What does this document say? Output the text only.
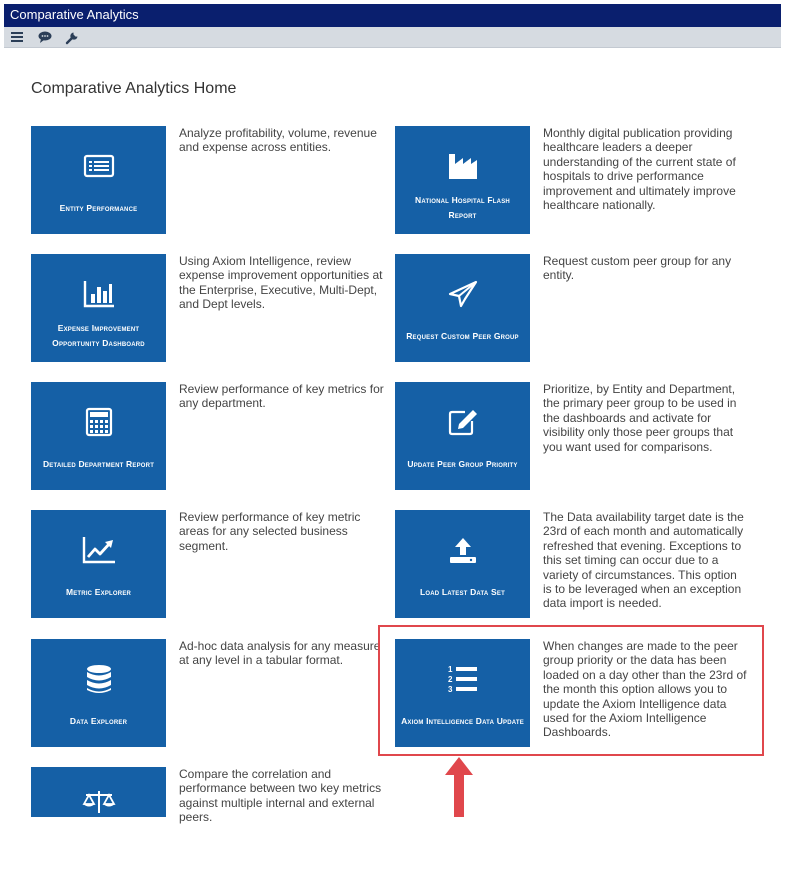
Comparative Analytics
Comparative Analytics Home
Entity Performance
Analyze profitability, volume, revenue and expense across entities.
National Hospital Flash Report
Monthly digital publication providing healthcare leaders a deeper understanding of the current state of hospitals to drive performance improvement and ultimately improve healthcare nationally.
Expense Improvement Opportunity Dashboard
Using Axiom Intelligence, review expense improvement opportunities at the Enterprise, Executive, Multi-Dept, and Dept levels.
Request Custom Peer Group
Request custom peer group for any entity.
Detailed Department Report
Review performance of key metrics for any department.
Update Peer Group Priority
Prioritize, by Entity and Department, the primary peer group to be used in the dashboards and activate for visibility only those peer groups that you want used for comparisons.
Metric Explorer
Review performance of key metric areas for any selected business segment.
Load Latest Data Set
The Data availability target date is the 23rd of each month and automatically refreshed that evening. Exceptions to this set timing can occur due to a variety of circumstances. This option is to be leveraged when an exception data import is needed.
Data Explorer
Ad-hoc data analysis for any measure at any level in a tabular format.
1
2
3
Axiom Intelligence Data Update
When changes are made to the peer group priority or the data has been loaded on a day other than the 23rd of the month this option allows you to update the Axiom Intelligence data used for the Axiom Intelligence Dashboards.
Compare the correlation and performance between two key metrics against multiple internal and external peers.
